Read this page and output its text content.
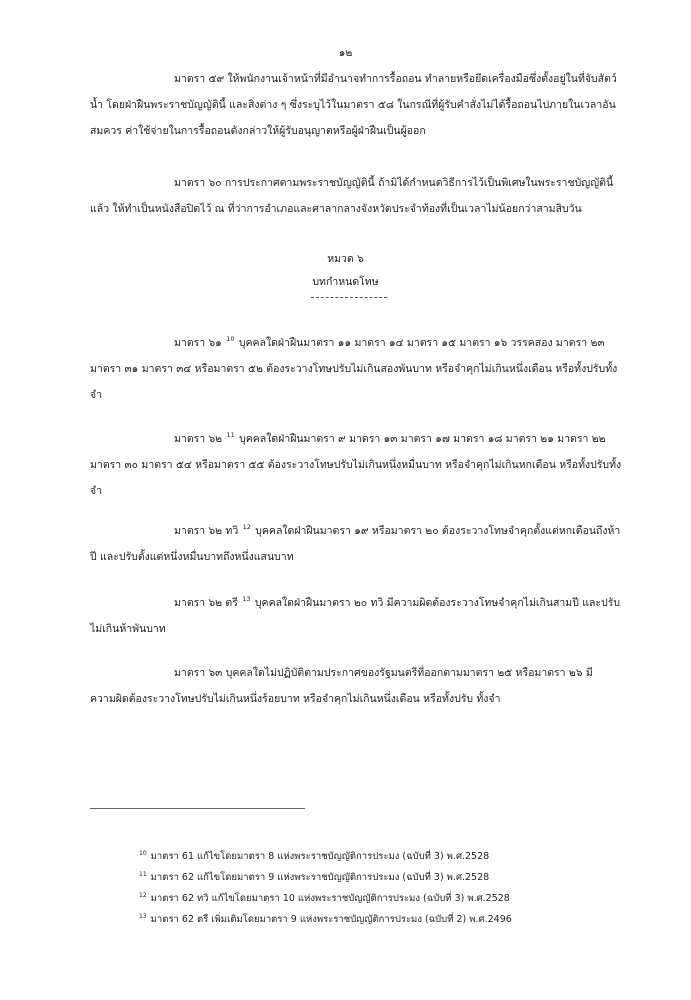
๑๒
มาตรา ๕๙ ให้พนักงานเจ้าหน้าที่มีอำนาจทำการรื้อถอน ทำลายหรือยึดเครื่องมือซึ่งตั้งอยู่ในที่จับสัตว์
น้ำ โดยฝ่าฝืนพระราชบัญญัตินี้ และสิ่งต่าง ๆ ซึ่งระบุไว้ในมาตรา ๕๘ ในกรณีที่ผู้รับคำสั่งไม่ได้รื้อถอนไปภายในเวลาอัน
สมควร ค่าใช้จ่ายในการรื้อถอนดังกล่าวให้ผู้รับอนุญาตหรือผู้ฝ่าฝืนเป็นผู้ออก
มาตรา ๖๐ การประกาศตามพระราชบัญญัตินี้ ถ้ามิได้กำหนดวิธีการไว้เป็นพิเศษในพระราชบัญญัตินี้
แล้ว ให้ทำเป็นหนังสือปิดไว้ ณ ที่ว่าการอำเภอและศาลากลางจังหวัดประจำท้องที่เป็นเวลาไม่น้อยกว่าสามสิบวัน
หมวด ๖
บทกำหนดโทษ
มาตรา ๖๑ $^{10}$ บุคคลใดฝ่าฝืนมาตรา ๑๑ มาตรา ๑๔ มาตรา ๑๕ มาตรา ๑๖ วรรคสอง มาตรา ๒๓
มาตรา ๓๑ มาตรา ๓๔ หรือมาตรา ๕๒ ต้องระวางโทษปรับไม่เกินสองพันบาท หรือจำคุกไม่เกินหนึ่งเดือน หรือทั้งปรับทั้ง
จำ
มาตรา ๖๒ $^{11}$ บุคคลใดฝ่าฝืนมาตรา ๙ มาตรา ๑๓ มาตรา ๑๗ มาตรา ๑๘ มาตรา ๒๑ มาตรา ๒๒
มาตรา ๓๐ มาตรา ๕๔ หรือมาตรา ๕๕ ต้องระวางโทษปรับไม่เกินหนึ่งหมื่นบาท หรือจำคุกไม่เกินหกเดือน หรือทั้งปรับทั้ง
จำ
มาตรา ๖๒ ทวิ $^{12}$ บุคคลใดฝ่าฝืนมาตรา ๑๙ หรือมาตรา ๒๐ ต้องระวางโทษจำคุกตั้งแต่หกเดือนถึงห้า
ปี และปรับตั้งแต่หนึ่งหมื่นบาทถึงหนึ่งแสนบาท
มาตรา ๖๒ ตรี $^{13}$ บุคคลใดฝ่าฝืนมาตรา ๒๐ ทวิ มีความผิดต้องระวางโทษจำคุกไม่เกินสามปี และปรับ
ไม่เกินห้าพันบาท
มาตรา ๖๓ บุคคลใดไม่ปฏิบัติตามประกาศของรัฐมนตรีที่ออกตามมาตรา ๒๕ หรือมาตรา ๒๖ มี
ความผิดต้องระวางโทษปรับไม่เกินหนึ่งร้อยบาท หรือจำคุกไม่เกินหนึ่งเดือน หรือทั้งปรับ ทั้งจำ
$^{10}$ มาตรา 61 แก้ไขโดยมาตรา 8 แห่งพระราชบัญญัติการประมง (ฉบับที่ 3) พ.ศ.2528
$^{11}$ มาตรา 62 แก้ไขโดยมาตรา 9 แห่งพระราชบัญญัติการประมง (ฉบับที่ 3) พ.ศ.2528
$^{12}$ มาตรา 62 ทวิ แก้ไขโดยมาตรา 10 แห่งพระราชบัญญัติการประมง (ฉบับที่ 3) พ.ศ.2528
$^{13}$ มาตรา 62 ตรี เพิ่มเติมโดยมาตรา 9 แห่งพระราชบัญญัติการประมง (ฉบับที่ 2) พ.ศ.2496
